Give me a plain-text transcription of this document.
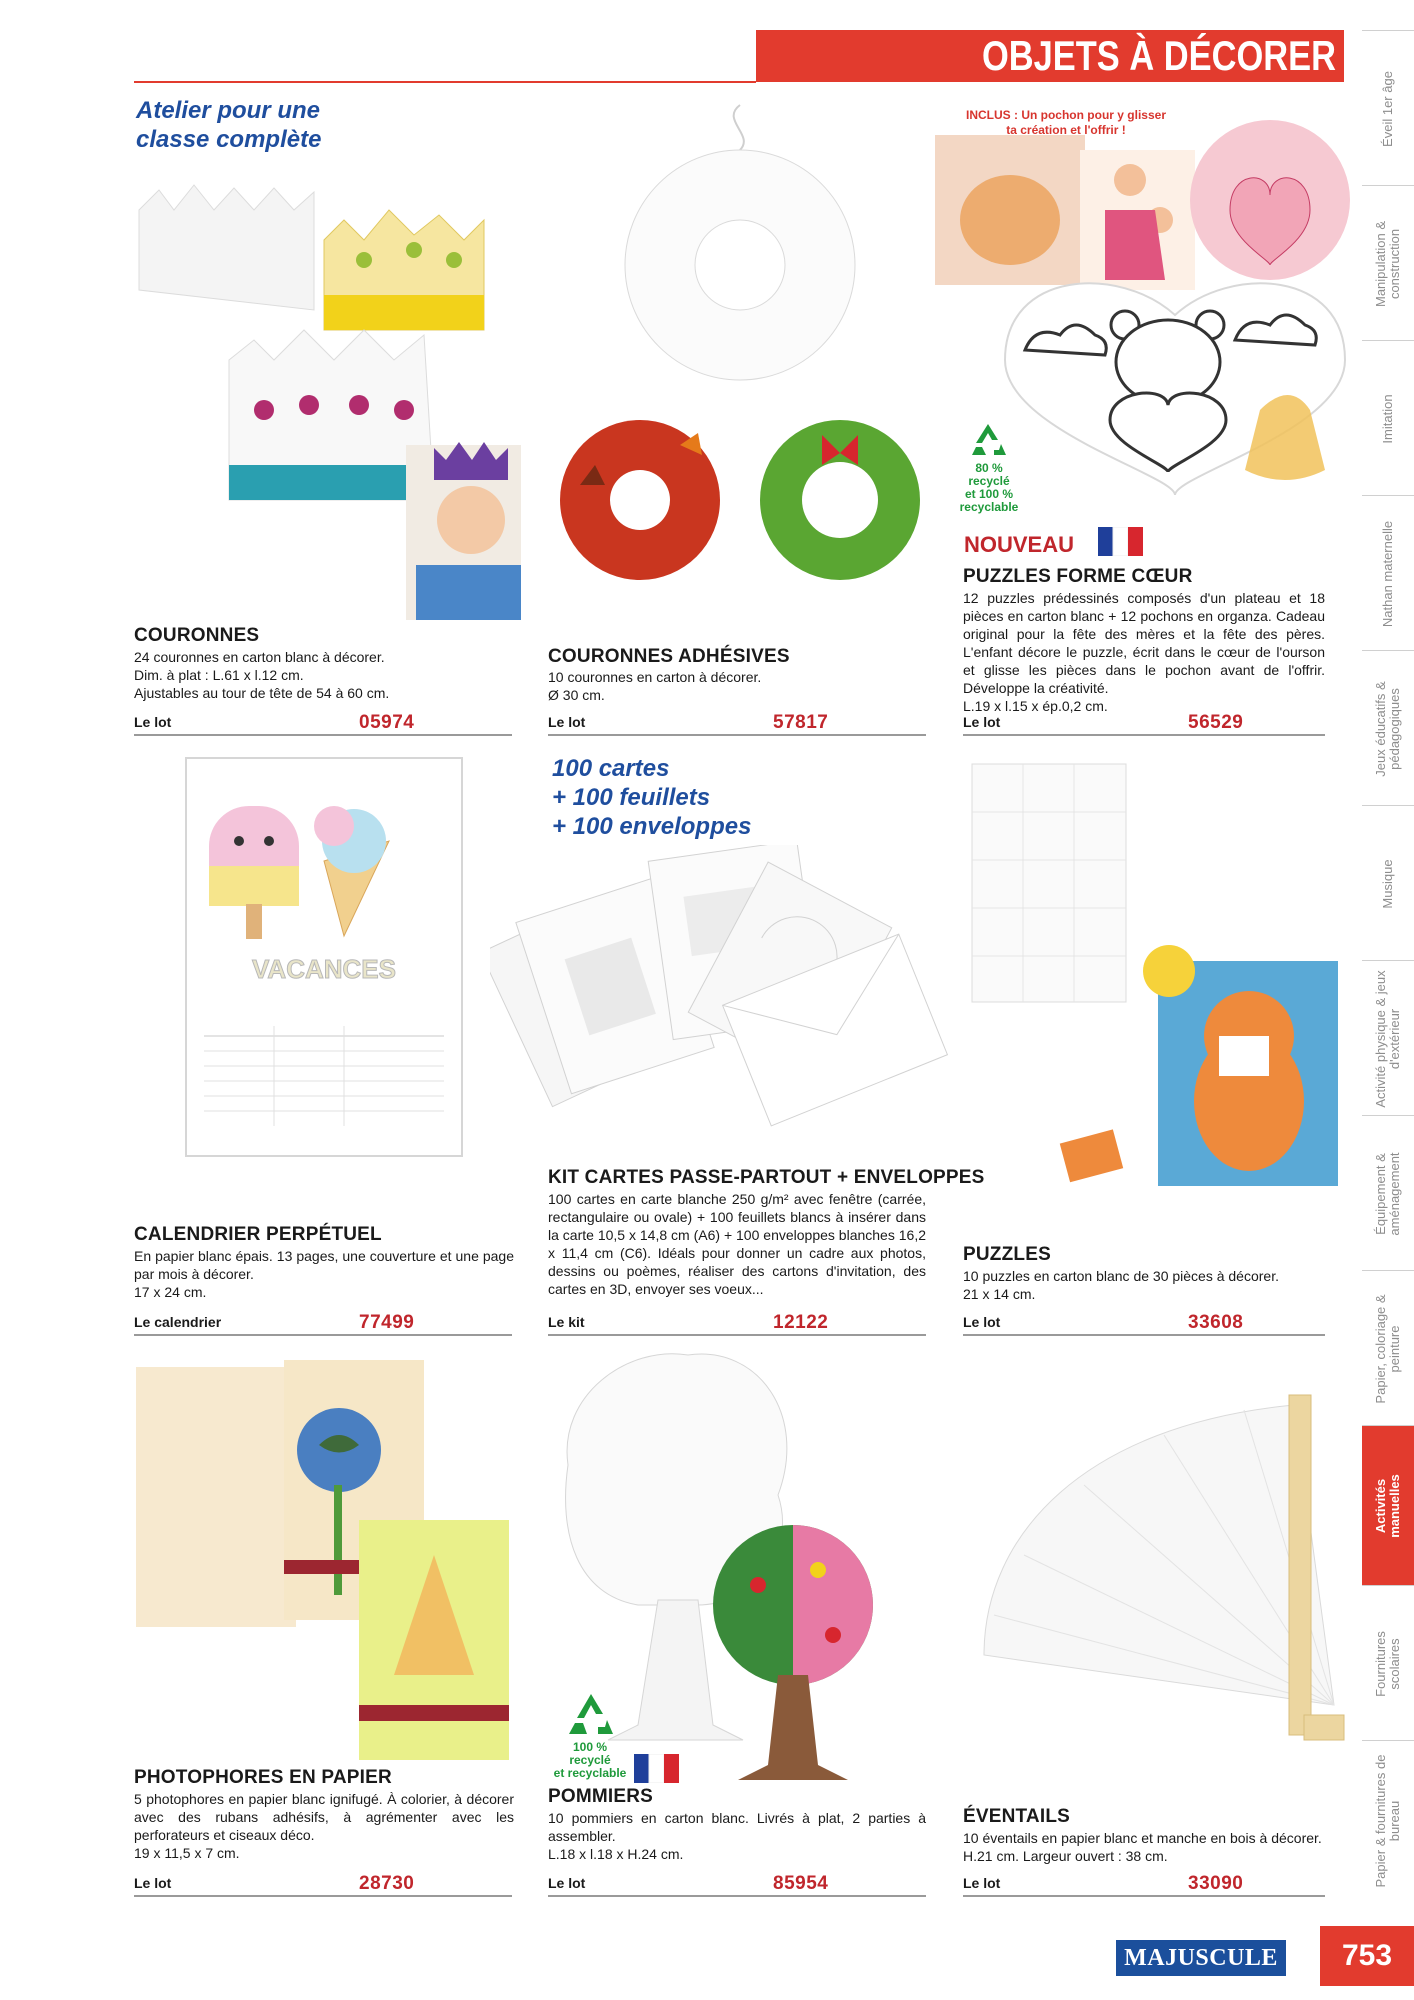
OBJETS À DÉCORER
Atelier pour une
classe complète
INCLUS : Un pochon pour y glisser
ta création et l'offrir !
80 %
recyclé
et 100 %
recyclable
NOUVEAU
COURONNES
24 couronnes en carton blanc à décorer.
Dim. à plat : L.61 x l.12 cm.
Ajustables au tour de tête de 54 à 60 cm.
Le lot	05974
COURONNES ADHÉSIVES
10 couronnes en carton à décorer.
Ø 30 cm.
Le lot	57817
PUZZLES FORME CŒUR
12 puzzles prédessinés composés d'un plateau et 18 pièces en carton blanc + 12 pochons en organza. Cadeau original pour la fête des mères et la fête des pères. L'enfant décore le puzzle, écrit dans le cœur de l'ourson et glisse les pièces dans le pochon avant de l'offrir. Développe la créativité.
L.19 x l.15 x ép.0,2 cm.
Le lot	56529
VACANCES
100 cartes
+ 100 feuillets
+ 100 enveloppes
CALENDRIER PERPÉTUEL
En papier blanc épais. 13 pages, une couverture et une page par mois à décorer.
17 x 24 cm.
Le calendrier	77499
KIT CARTES PASSE-PARTOUT + ENVELOPPES
100 cartes en carte blanche 250 g/m² avec fenêtre (carrée, rectangulaire ou ovale) + 100 feuillets blancs à insérer dans la carte 10,5 x 14,8 cm (A6) + 100 enveloppes blanches 16,2 x 11,4 cm (C6). Idéals pour donner un cadre aux photos, dessins ou poèmes, réaliser des cartons d'invitation, des cartes en 3D, envoyer ses voeux...
Le kit	12122
PUZZLES
10 puzzles en carton blanc de 30 pièces à décorer.
21 x 14 cm.
Le lot	33608
100 %
recyclé
et recyclable
PHOTOPHORES EN PAPIER
5 photophores en papier blanc ignifugé. À colorier, à décorer avec des rubans adhésifs, à agrémenter avec les perforateurs et ciseaux déco.
19 x 11,5 x 7 cm.
Le lot	28730
POMMIERS
10 pommiers en carton blanc. Livrés à plat, 2 parties à assembler.
L.18 x l.18 x H.24 cm.
Le lot	85954
ÉVENTAILS
10 éventails en papier blanc et manche en bois à décorer.
H.21 cm. Largeur ouvert : 38 cm.
Le lot	33090
Éveil 1er âge
Manipulation & construction
Imitation
Nathan maternelle
Jeux éducatifs & pédagogiques
Musique
Activité physique & jeux d'extérieur
Équipement & aménagement
Papier, coloriage & peinture
Activités manuelles
Fournitures scolaires
Papier & fournitures de bureau
MAJUSCULE	753
